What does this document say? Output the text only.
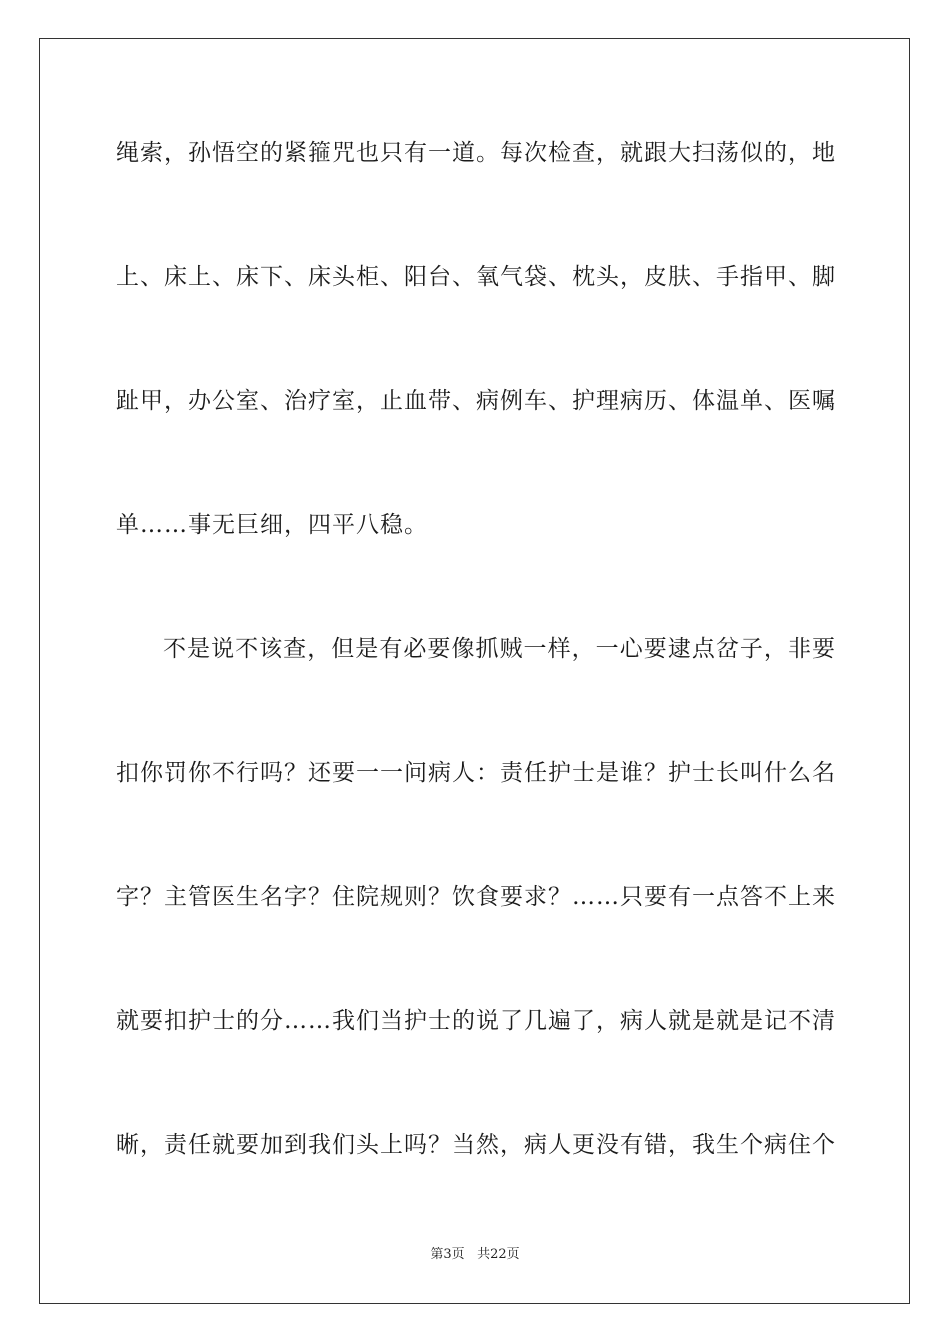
绳索，孙悟空的紧箍咒也只有一道。每次检查，就跟大扫荡似的，地
上、床上、床下、床头柜、阳台、氧气袋、枕头，皮肤、手指甲、脚
趾甲，办公室、治疗室，止血带、病例车、护理病历、体温单、医嘱
单……事无巨细，四平八稳。
不是说不该查，但是有必要像抓贼一样，一心要逮点岔子，非要
扣你罚你不行吗？还要一一问病人：责任护士是谁？护士长叫什么名
字？主管医生名字？住院规则？饮食要求？……只要有一点答不上来
就要扣护士的分……我们当护士的说了几遍了，病人就是就是记不清
晰，责任就要加到我们头上吗？当然，病人更没有错，我生个病住个
第3页 共22页
